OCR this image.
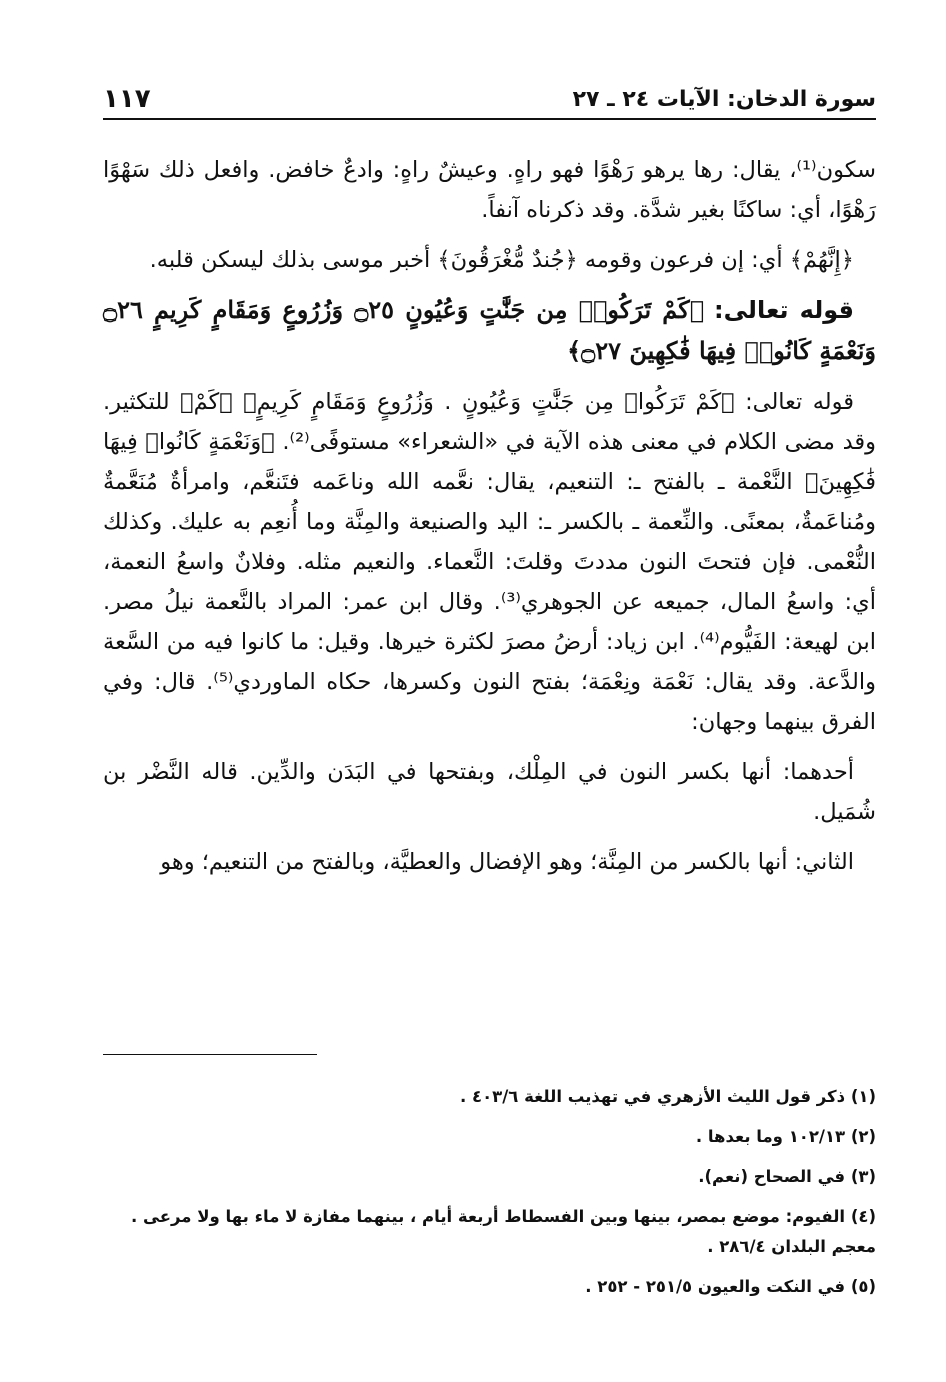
سورة الدخان: الآيات ٢٤ ـ ٢٧
١١٧

سكون⁽¹⁾، يقال: رها يرهو رَهْوًا فهو راهٍ. وعيشٌ راهٍ: وادعٌ خافض. وافعل ذلك سَهْوًا رَهْوًا، أي: ساكنًا بغير شدَّة. وقد ذكرناه آنفاً.

﴿إِنَّهُمْ﴾ أي: إن فرعون وقومه ﴿جُندٌ مُّغْرَقُونَ﴾ أخبر موسى بذلك ليسكن قلبه.

قوله تعالى: ﴿كَمْ تَرَكُوا۟ مِن جَنَّٰتٍ وَعُيُونٍ ۝٢٥ وَزُرُوعٍ وَمَقَامٍ كَرِيمٍ ۝٢٦ وَنَعْمَةٍ كَانُوا۟ فِيهَا فَٰكِهِينَ ۝٢٧﴾

قوله تعالى: ﴿كَمْ تَرَكُوا۟ مِن جَنَّٰتٍ وَعُيُونٍ . وَزُرُوعٍ وَمَقَامٍ كَرِيمٍ﴾ ﴿كَمْ﴾ للتكثير. وقد مضى الكلام في معنى هذه الآية في «الشعراء» مستوفًى⁽²⁾. ﴿وَنَعْمَةٍ كَانُوا۟ فِيهَا فَٰكِهِينَ﴾ النَّعْمة ـ بالفتح ـ: التنعيم، يقال: نعَّمه الله وناعَمه فتَنعَّم، وامرأةٌ مُنَعَّمةٌ ومُناعَمةٌ، بمعنًى. والنِّعمة ـ بالكسر ـ: اليد والصنيعة والمِنَّة وما أُنعِم به عليك. وكذلك النُّعْمى. فإن فتحتَ النون مددتَ وقلتَ: النَّعماء. والنعيم مثله. وفلانٌ واسعُ النعمة، أي: واسعُ المال، جميعه عن الجوهري⁽³⁾. وقال ابن عمر: المراد بالنَّعمة نيلُ مصر. ابن لهيعة: الفَيُّوم⁽⁴⁾. ابن زياد: أرضُ مصرَ لكثرة خيرها. وقيل: ما كانوا فيه من السَّعة والدَّعة. وقد يقال: نَعْمَة ونِعْمَة؛ بفتح النون وكسرها، حكاه الماوردي⁽⁵⁾. قال: وفي الفرق بينهما وجهان:

أحدهما: أنها بكسر النون في المِلْك، وبفتحها في البَدَن والدِّين. قاله النَّضْر بن شُمَيل.

الثاني: أنها بالكسر من المِنَّة؛ وهو الإفضال والعطيَّة، وبالفتح من التنعيم؛ وهو

(١) ذكر قول الليث الأزهري في تهذيب اللغة ٤٠٣/٦ .

(٢) ١٠٢/١٣ وما بعدها .

(٣) في الصحاح (نعم).

(٤) الفيوم: موضع بمصر، بينها وبين الفسطاط أربعة أيام ، بينهما مفازة لا ماء بها ولا مرعى . معجم البلدان ٢٨٦/٤ .

(٥) في النكت والعيون ٢٥١/٥ - ٢٥٢ .
